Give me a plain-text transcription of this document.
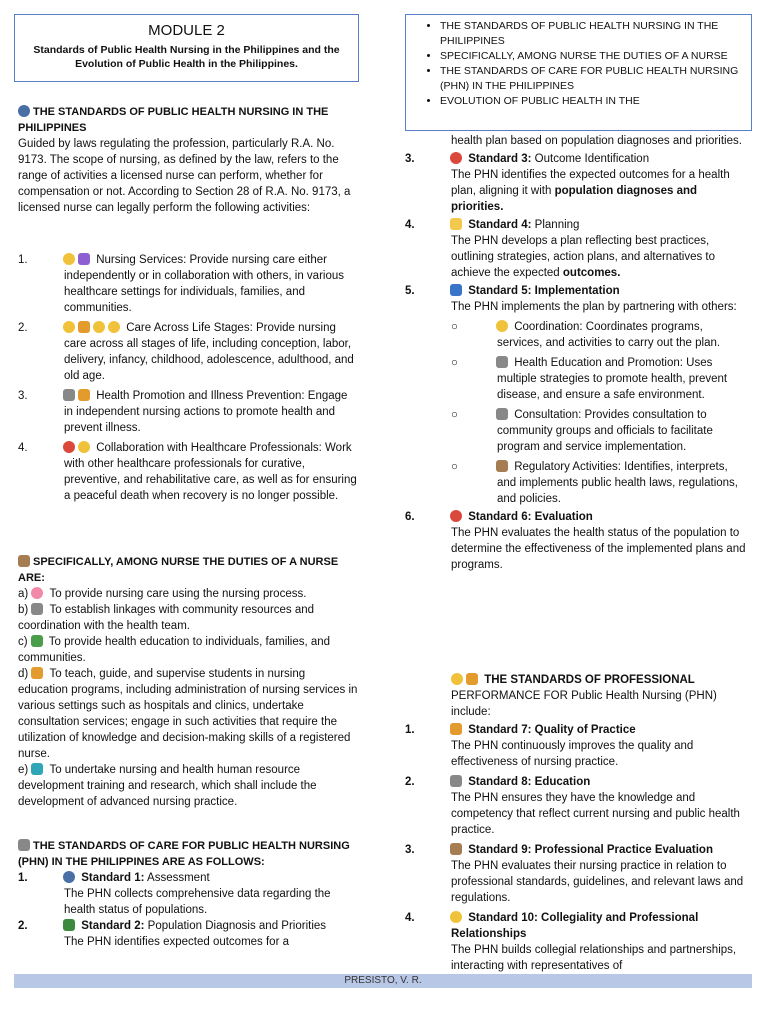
MODULE 2
Standards of Public Health Nursing in the Philippines and the Evolution of Public Health in the Philippines.
• THE STANDARDS OF PUBLIC HEALTH NURSING IN THE PHILIPPINES
• SPECIFICALLY, AMONG NURSE THE DUTIES OF A NURSE
• THE STANDARDS OF CARE FOR PUBLIC HEALTH NURSING (PHN) IN THE PHILIPPINES
• EVOLUTION OF PUBLIC HEALTH IN THE

THE STANDARDS OF PUBLIC HEALTH NURSING IN THE PHILIPPINES

Guided by laws regulating the profession, particularly R.A. No. 9173. The scope of nursing, as defined by the law, refers to the range of activities a licensed nurse can perform, whether for compensation or not. According to Section 28 of R.A. No. 9173, a licensed nurse can legally perform the following activities:

1.	Nursing Services: Provide nursing care either independently or in collaboration with others, in various healthcare settings for individuals, families, and communities.

2.	Care Across Life Stages: Provide nursing care across all stages of life, including conception, labor, delivery, infancy, childhood, adolescence, adulthood, and old age.

3.	Health Promotion and Illness Prevention: Engage in independent nursing actions to promote health and prevent illness.

4.	Collaboration with Healthcare Professionals: Work with other healthcare professionals for curative, preventive, and rehabilitative care, as well as for ensuring a peaceful death when recovery is no longer possible.

SPECIFICALLY, AMONG NURSE THE DUTIES OF A NURSE ARE:

a) To provide nursing care using the nursing process.

b) To establish linkages with community resources and coordination with the health team.

c) To provide health education to individuals, families, and communities.

d) To teach, guide, and supervise students in nursing education programs, including administration of nursing services in various settings such as hospitals and clinics, undertake consultation services; engage in such activities that require the utilization of knowledge and decision-making skills of a registered nurse.

e) To undertake nursing and health human resource development training and research, which shall include the development of advanced nursing practice.

THE STANDARDS OF CARE FOR PUBLIC HEALTH NURSING (PHN) IN THE PHILIPPINES ARE AS FOLLOWS:

1.	Standard 1: Assessment

The PHN collects comprehensive data regarding the health status of populations.

2.	Standard 2: Population Diagnosis and Priorities

The PHN identifies expected outcomes for a

health plan based on population diagnoses and priorities.

3.	Standard 3: Outcome Identification

The PHN identifies the expected outcomes for a health plan, aligning it with population diagnoses and priorities.

4.	Standard 4: Planning

The PHN develops a plan reflecting best practices, outlining strategies, action plans, and alternatives to achieve the expected outcomes.

5.	Standard 5: Implementation

The PHN implements the plan by partnering with others:

○	Coordination: Coordinates programs, services, and activities to carry out the plan.

○	Health Education and Promotion: Uses multiple strategies to promote health, prevent disease, and ensure a safe environment.

○	Consultation: Provides consultation to community groups and officials to facilitate program and service implementation.

○	Regulatory Activities: Identifies, interprets, and implements public health laws, regulations, and policies.

6.	Standard 6: Evaluation

The PHN evaluates the health status of the population to determine the effectiveness of the implemented plans and programs.

THE STANDARDS OF PROFESSIONAL

PERFORMANCE FOR Public Health Nursing (PHN) include:

1.	Standard 7: Quality of Practice

The PHN continuously improves the quality and effectiveness of nursing practice.

2.	Standard 8: Education

The PHN ensures they have the knowledge and competency that reflect current nursing and public health practice.

3.	Standard 9: Professional Practice Evaluation

The PHN evaluates their nursing practice in relation to professional standards, guidelines, and relevant laws and regulations.

4.	Standard 10: Collegiality and Professional Relationships

The PHN builds collegial relationships and partnerships, interacting with representatives of

PRESISTO, V. R.
